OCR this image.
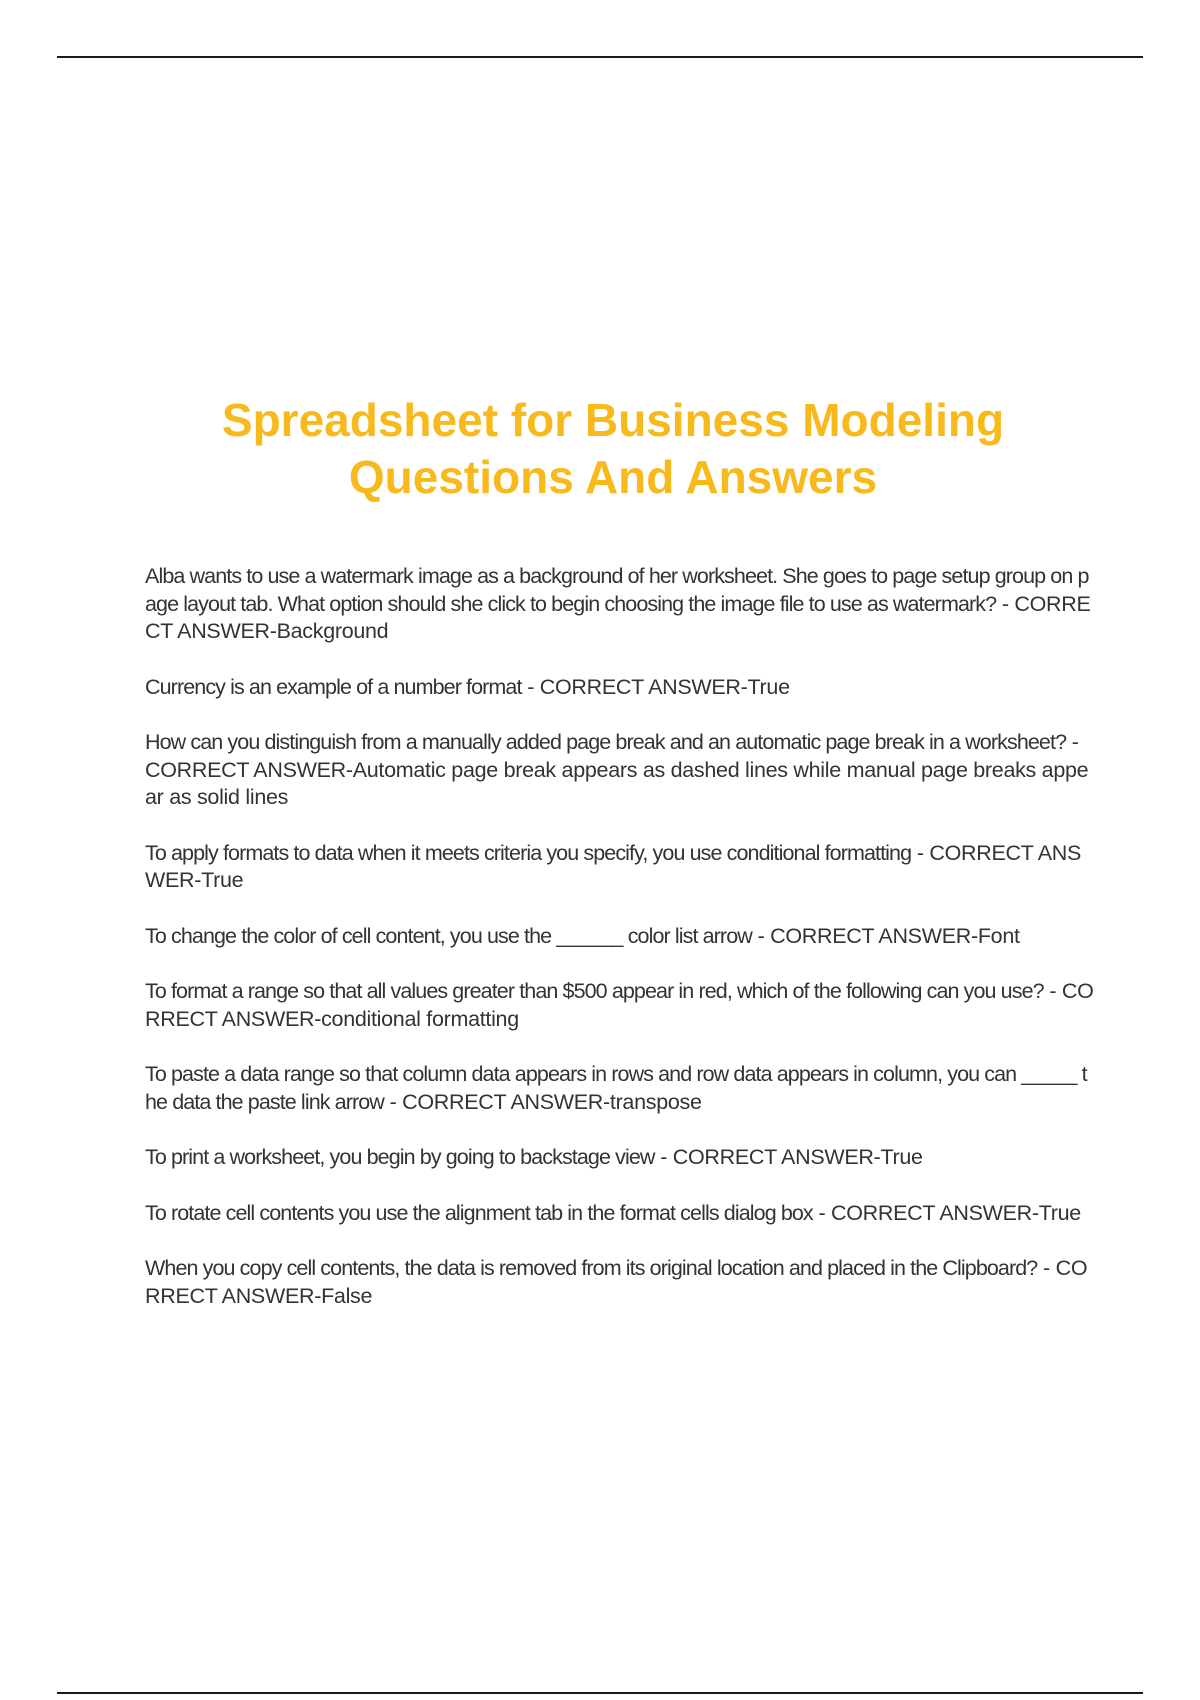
Spreadsheet for Business Modeling
Questions And Answers
Alba wants to use a watermark image as a background of her worksheet. She goes to page setup group on page layout tab. What option should she click to begin choosing the image file to use as watermark? - CORRECT ANSWER-Background
Currency is an example of a number format - CORRECT ANSWER-True
How can you distinguish from a manually added page break and an automatic page break in a worksheet? - CORRECT ANSWER-Automatic page break appears as dashed lines while manual page breaks appear as solid lines
To apply formats to data when it meets criteria you specify, you use conditional formatting - CORRECT ANSWER-True
To change the color of cell content, you use the ______ color list arrow - CORRECT ANSWER-Font
To format a range so that all values greater than $500 appear in red, which of the following can you use? - CORRECT ANSWER-conditional formatting
To paste a data range so that column data appears in rows and row data appears in column, you can _____ the data the paste link arrow - CORRECT ANSWER-transpose
To print a worksheet, you begin by going to backstage view - CORRECT ANSWER-True
To rotate cell contents you use the alignment tab in the format cells dialog box - CORRECT ANSWER-True
When you copy cell contents, the data is removed from its original location and placed in the Clipboard? - CORRECT ANSWER-False
